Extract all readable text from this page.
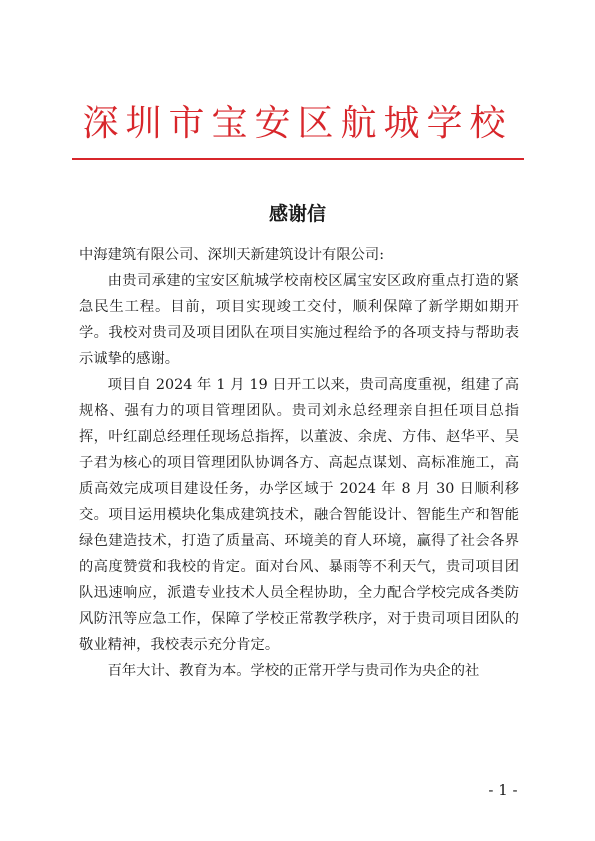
深圳市宝安区航城学校
感谢信

中海建筑有限公司、深圳天新建筑设计有限公司:

由贵司承建的宝安区航城学校南校区属宝安区政府重点打造的紧急民生工程。目前，项目实现竣工交付，顺利保障了新学期如期开学。我校对贵司及项目团队在项目实施过程给予的各项支持与帮助表示诚挚的感谢。

项目自 2024 年 1 月 19 日开工以来，贵司高度重视，组建了高规格、强有力的项目管理团队。贵司刘永总经理亲自担任项目总指挥，叶红副总经理任现场总指挥，以董波、余虎、方伟、赵华平、吴子君为核心的项目管理团队协调各方、高起点谋划、高标准施工，高质高效完成项目建设任务，办学区域于 2024 年 8 月 30 日顺利移交。项目运用模块化集成建筑技术，融合智能设计、智能生产和智能绿色建造技术，打造了质量高、环境美的育人环境，赢得了社会各界的高度赞赏和我校的肯定。面对台风、暴雨等不利天气，贵司项目团队迅速响应，派遣专业技术人员全程协助，全力配合学校完成各类防风防汛等应急工作，保障了学校正常教学秩序，对于贵司项目团队的敬业精神，我校表示充分肯定。

百年大计、教育为本。学校的正常开学与贵司作为央企的社

- 1 -
